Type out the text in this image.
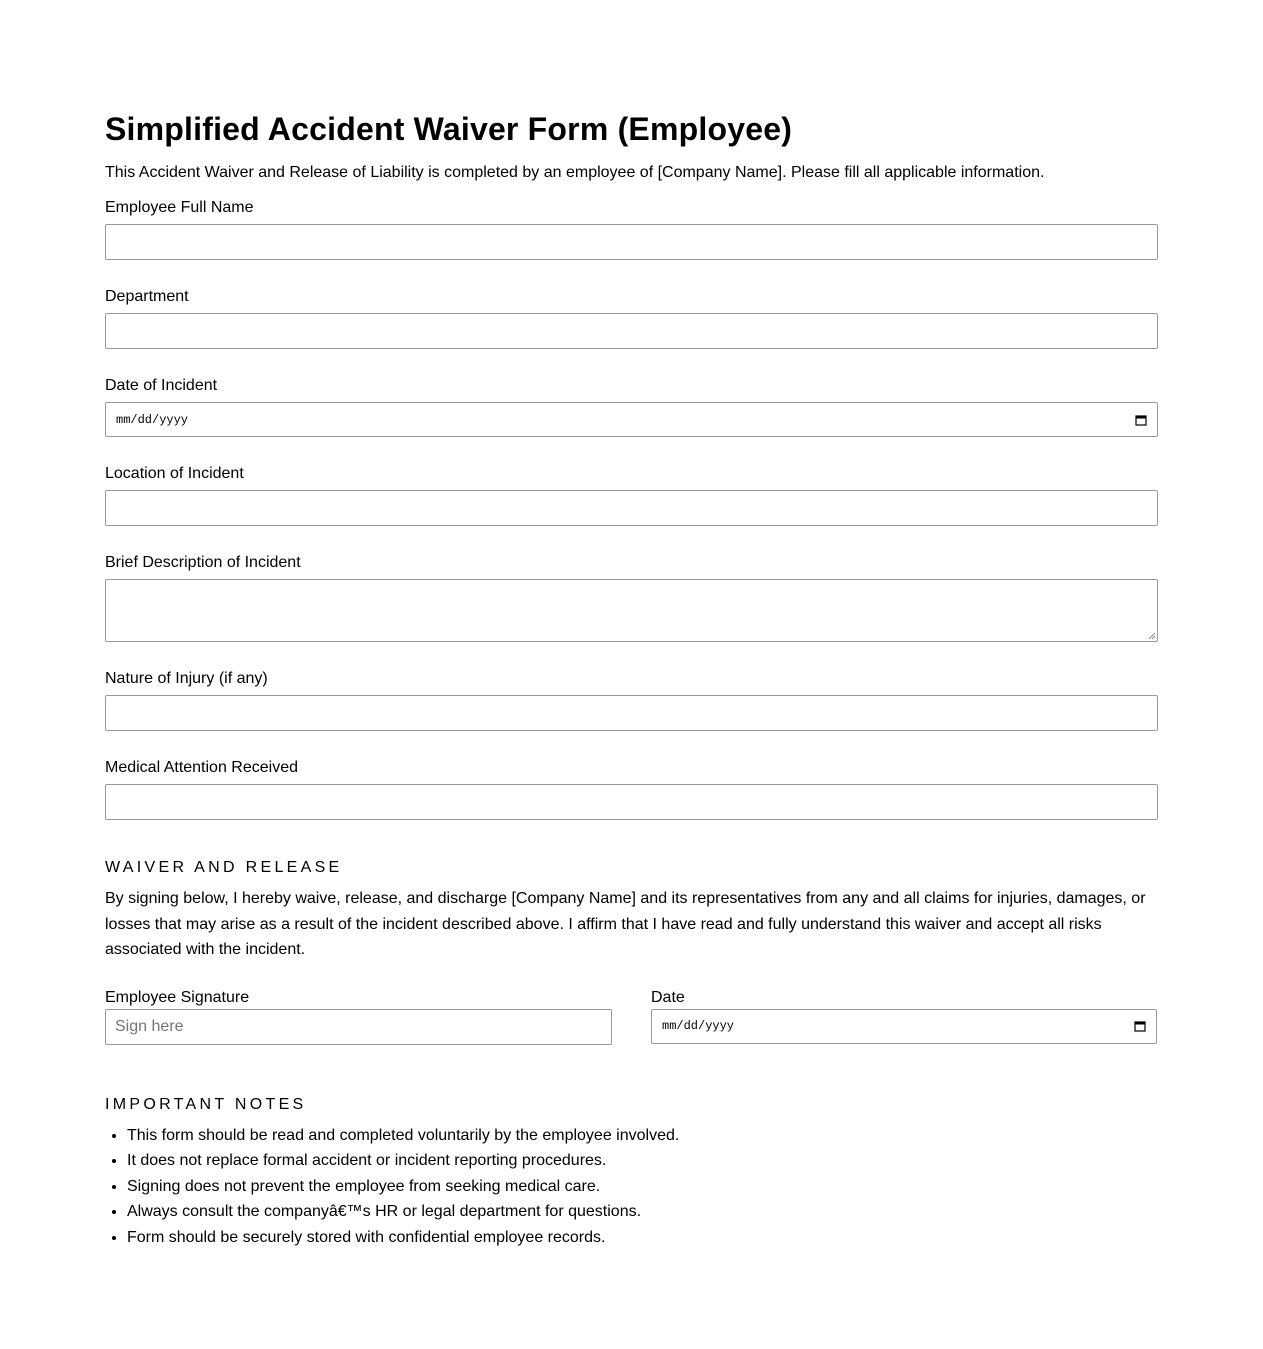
Simplified Accident Waiver Form (Employee)

This Accident Waiver and Release of Liability is completed by an employee of [Company Name]. Please fill all applicable information.

Employee Full Name
Department
Date of Incident
mm/dd/yyyy
Location of Incident
Brief Description of Incident
Nature of Injury (if any)
Medical Attention Received
WAIVER AND RELEASE

By signing below, I hereby waive, release, and discharge [Company Name] and its representatives from any and all claims for injuries, damages, or losses that may arise as a result of the incident described above. I affirm that I have read and fully understand this waiver and accept all risks associated with the incident.

Employee Signature
Sign here	Date
mm/dd/yyyy
IMPORTANT NOTES
• This form should be read and completed voluntarily by the employee involved.
• It does not replace formal accident or incident reporting procedures.
• Signing does not prevent the employee from seeking medical care.
• Always consult the companyâ€™s HR or legal department for questions.
• Form should be securely stored with confidential employee records.
